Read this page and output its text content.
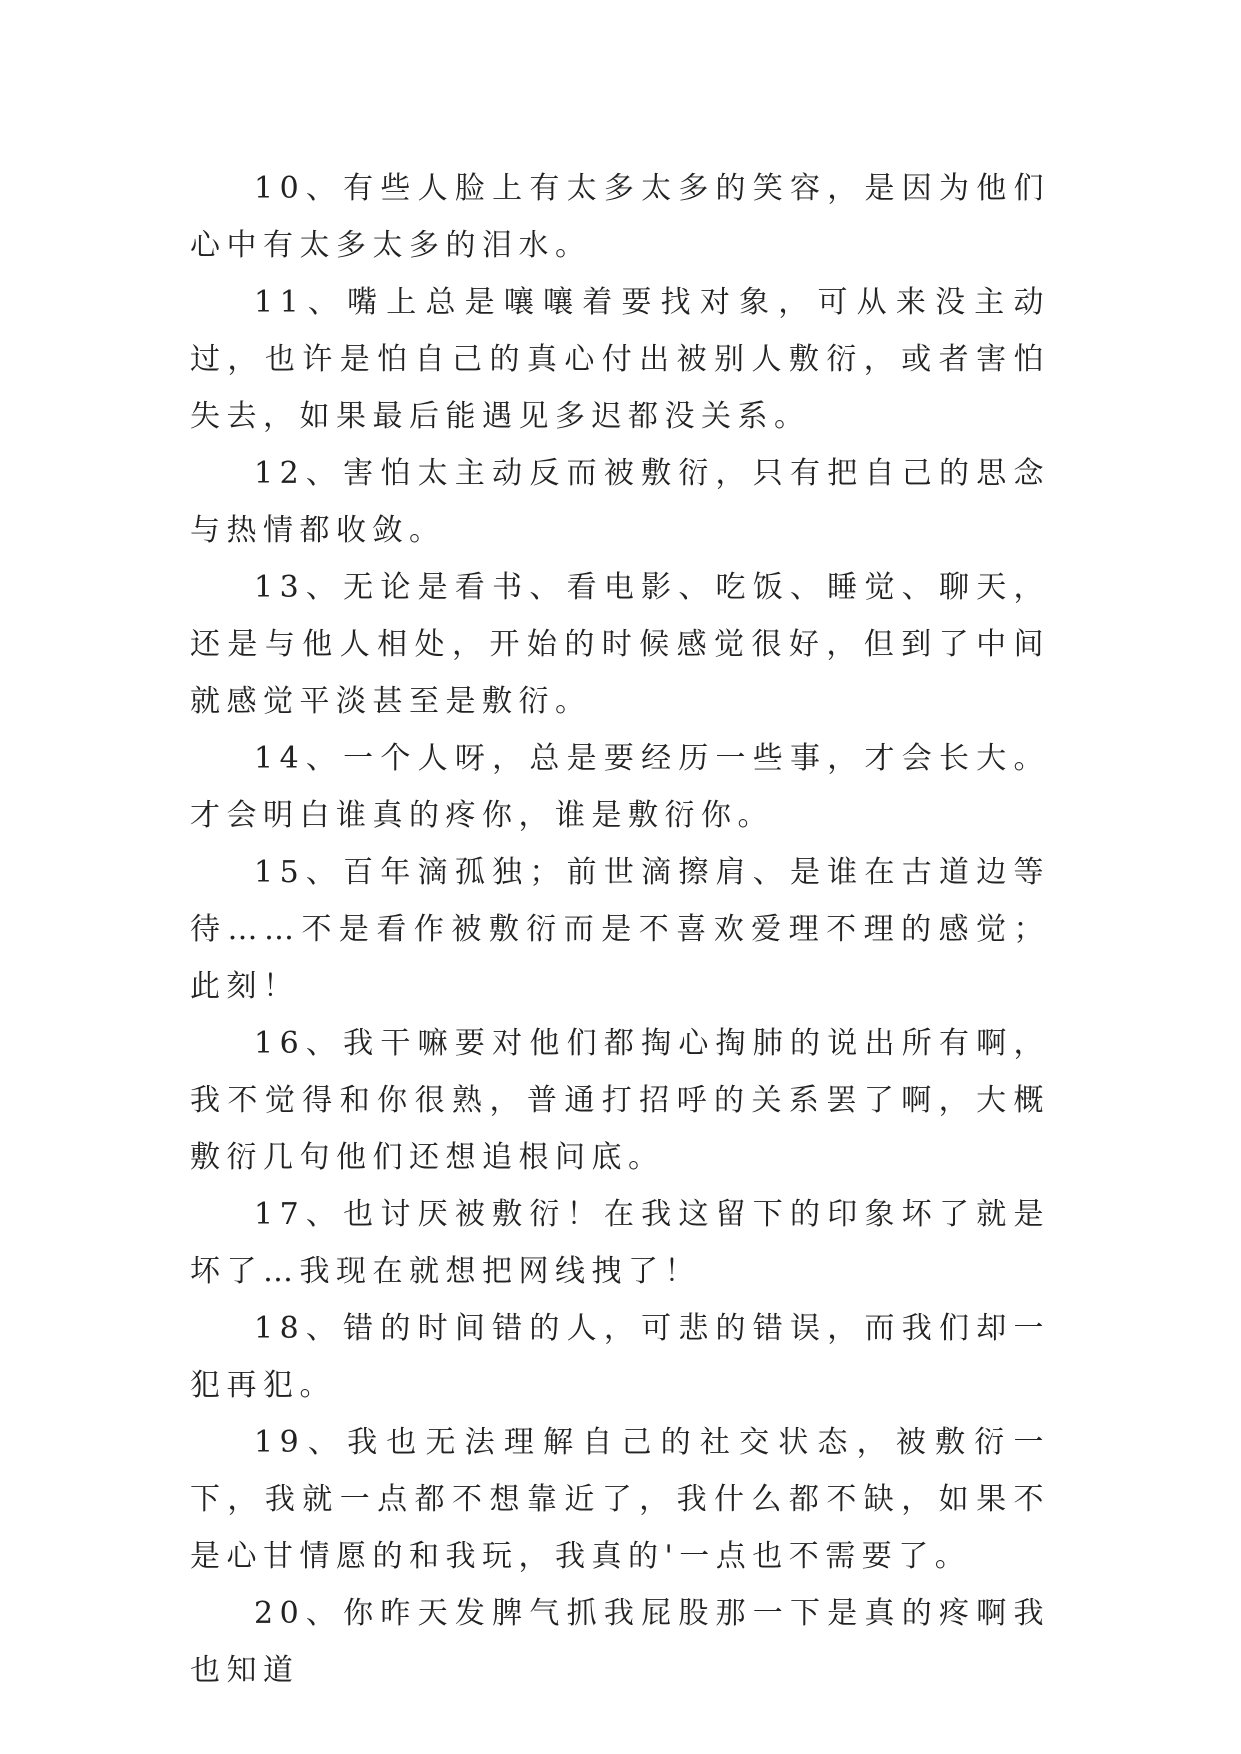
10、有些人脸上有太多太多的笑容，是因为他们心中有太多太多的泪水。

11、嘴上总是嚷嚷着要找对象，可从来没主动过，也许是怕自己的真心付出被别人敷衍，或者害怕失去，如果最后能遇见多迟都没关系。

12、害怕太主动反而被敷衍，只有把自己的思念与热情都收敛。

13、无论是看书、看电影、吃饭、睡觉、聊天，还是与他人相处，开始的时候感觉很好，但到了中间就感觉平淡甚至是敷衍。

14、一个人呀，总是要经历一些事，才会长大。才会明白谁真的疼你，谁是敷衍你。

15、百年滴孤独；前世滴擦肩、是谁在古道边等待……不是看作被敷衍而是不喜欢爱理不理的感觉；此刻！

16、我干嘛要对他们都掏心掏肺的说出所有啊，我不觉得和你很熟，普通打招呼的关系罢了啊，大概敷衍几句他们还想追根问底。

17、也讨厌被敷衍！在我这留下的印象坏了就是坏了…我现在就想把网线拽了！

18、错的时间错的人，可悲的错误，而我们却一犯再犯。

19、我也无法理解自己的社交状态，被敷衍一下，我就一点都不想靠近了，我什么都不缺，如果不是心甘情愿的和我玩，我真的'一点也不需要了。

20、你昨天发脾气抓我屁股那一下是真的疼啊我也知道
